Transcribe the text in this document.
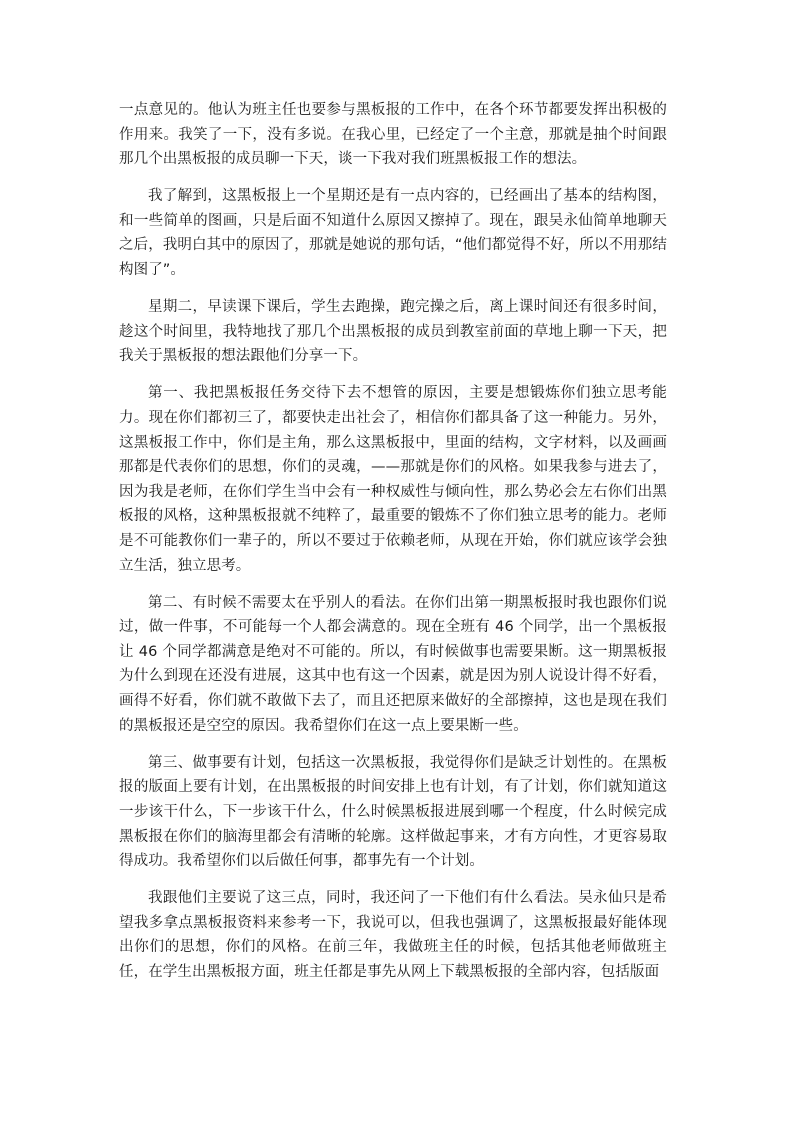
一点意见的。他认为班主任也要参与黑板报的工作中，在各个环节都要发挥出积极的作用来。我笑了一下，没有多说。在我心里，已经定了一个主意，那就是抽个时间跟那几个出黑板报的成员聊一下天，谈一下我对我们班黑板报工作的想法。

我了解到，这黑板报上一个星期还是有一点内容的，已经画出了基本的结构图，和一些简单的图画，只是后面不知道什么原因又擦掉了。现在，跟吴永仙简单地聊天之后，我明白其中的原因了，那就是她说的那句话，“他们都觉得不好，所以不用那结构图了”。

星期二，早读课下课后，学生去跑操，跑完操之后，离上课时间还有很多时间，趁这个时间里，我特地找了那几个出黑板报的成员到教室前面的草地上聊一下天，把我关于黑板报的想法跟他们分享一下。

第一、我把黑板报任务交待下去不想管的原因，主要是想锻炼你们独立思考能力。现在你们都初三了，都要快走出社会了，相信你们都具备了这一种能力。另外，这黑板报工作中，你们是主角，那么这黑板报中，里面的结构，文字材料，以及画画那都是代表你们的思想，你们的灵魂，——那就是你们的风格。如果我参与进去了，因为我是老师，在你们学生当中会有一种权威性与倾向性，那么势必会左右你们出黑板报的风格，这种黑板报就不纯粹了，最重要的锻炼不了你们独立思考的能力。老师是不可能教你们一辈子的，所以不要过于依赖老师，从现在开始，你们就应该学会独立生活，独立思考。

第二、有时候不需要太在乎别人的看法。在你们出第一期黑板报时我也跟你们说过，做一件事，不可能每一个人都会满意的。现在全班有 46 个同学，出一个黑板报让 46 个同学都满意是绝对不可能的。所以，有时候做事也需要果断。这一期黑板报为什么到现在还没有进展，这其中也有这一个因素，就是因为别人说设计得不好看，画得不好看，你们就不敢做下去了，而且还把原来做好的全部擦掉，这也是现在我们的黑板报还是空空的原因。我希望你们在这一点上要果断一些。

第三、做事要有计划，包括这一次黑板报，我觉得你们是缺乏计划性的。在黑板报的版面上要有计划，在出黑板报的时间安排上也有计划，有了计划，你们就知道这一步该干什么，下一步该干什么，什么时候黑板报进展到哪一个程度，什么时候完成黑板报在你们的脑海里都会有清晰的轮廓。这样做起事来，才有方向性，才更容易取得成功。我希望你们以后做任何事，都事先有一个计划。

我跟他们主要说了这三点，同时，我还问了一下他们有什么看法。吴永仙只是希望我多拿点黑板报资料来参考一下，我说可以，但我也强调了，这黑板报最好能体现出你们的思想，你们的风格。在前三年，我做班主任的时候，包括其他老师做班主任，在学生出黑板报方面，班主任都是事先从网上下载黑板报的全部内容，包括版面
